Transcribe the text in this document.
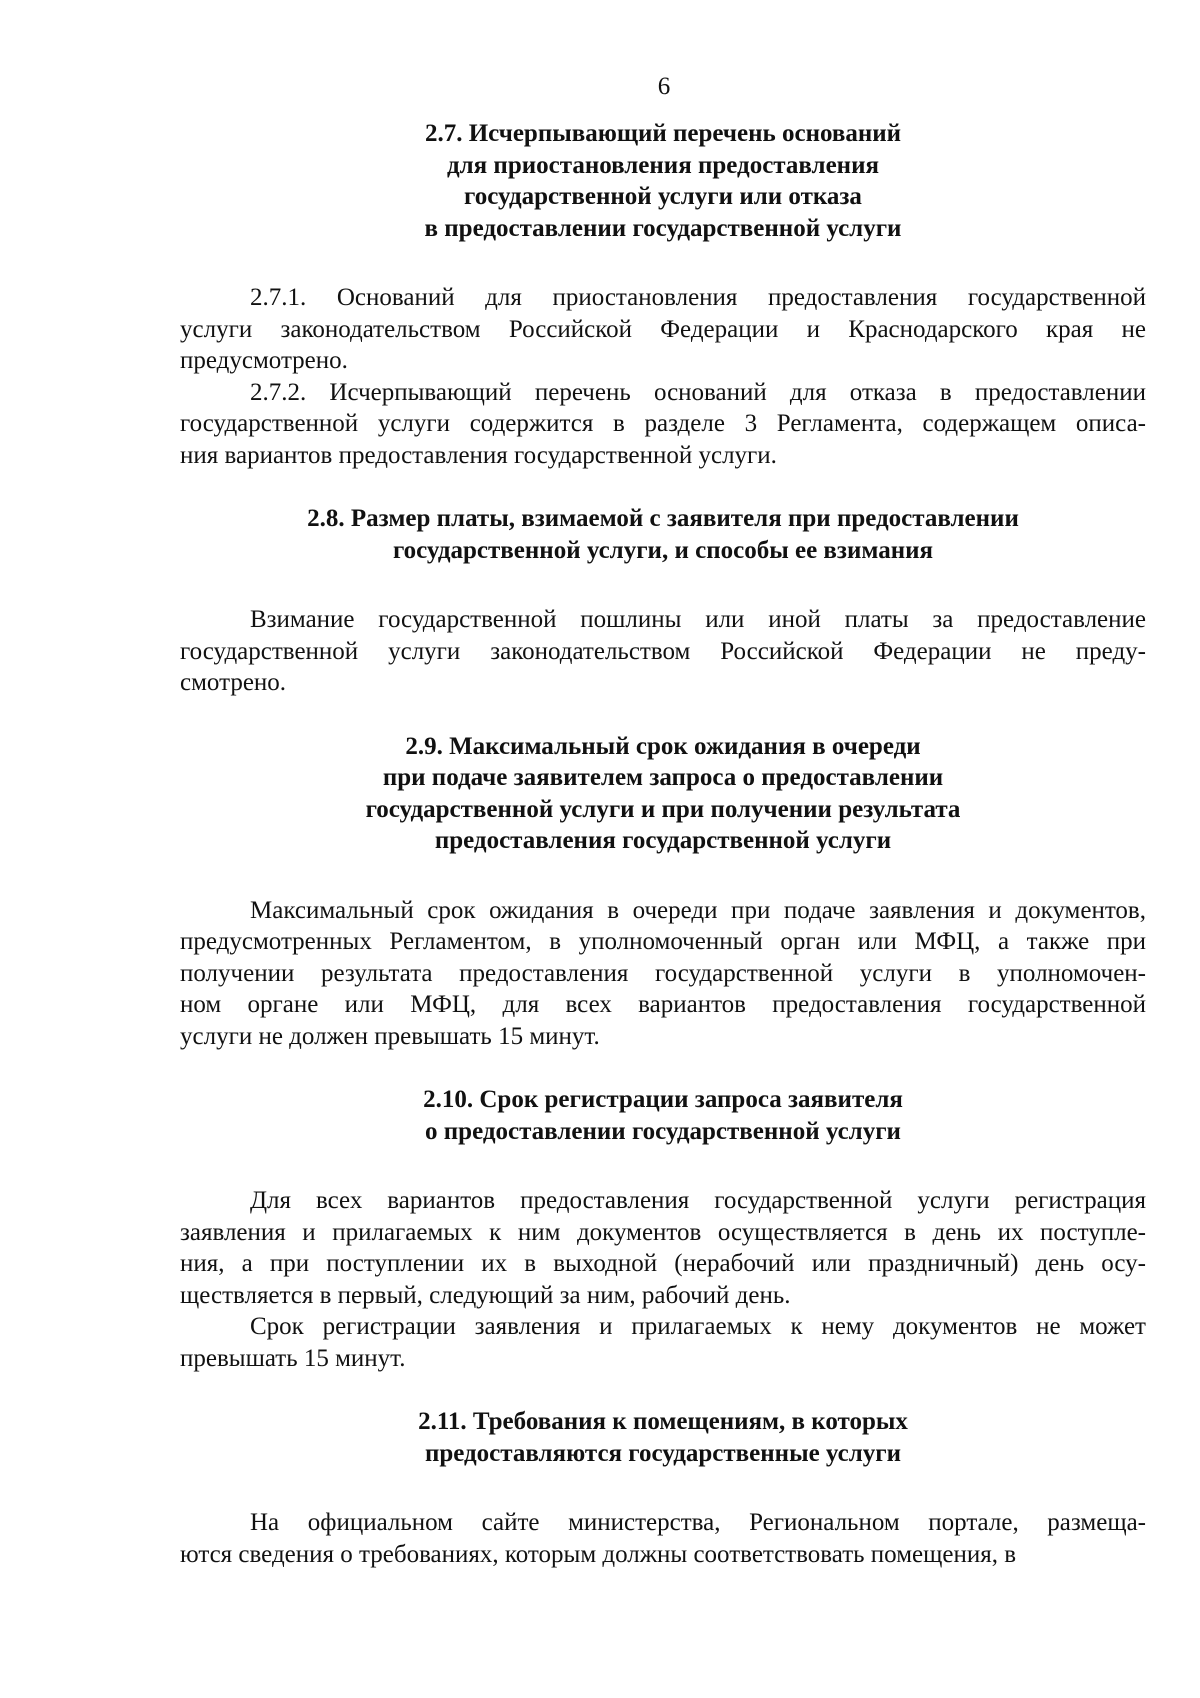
6
2.7. Исчерпывающий перечень оснований
для приостановления предоставления
государственной услуги или отказа
в предоставлении государственной услуги
2.7.1. Оснований для приостановления предоставления государственной
услуги законодательством Российской Федерации и Краснодарского края не
предусмотрено.
2.7.2. Исчерпывающий перечень оснований для отказа в предоставлении
государственной услуги содержится в разделе 3 Регламента, содержащем описа-
ния вариантов предоставления государственной услуги.
2.8. Размер платы, взимаемой с заявителя при предоставлении
государственной услуги, и способы ее взимания
Взимание государственной пошлины или иной платы за предоставление
государственной услуги законодательством Российской Федерации не преду-
смотрено.
2.9. Максимальный срок ожидания в очереди
при подаче заявителем запроса о предоставлении
государственной услуги и при получении результата
предоставления государственной услуги
Максимальный срок ожидания в очереди при подаче заявления и документов,
предусмотренных Регламентом, в уполномоченный орган или МФЦ, а также при
получении результата предоставления государственной услуги в уполномочен-
ном органе или МФЦ, для всех вариантов предоставления государственной
услуги не должен превышать 15 минут.
2.10. Срок регистрации запроса заявителя
о предоставлении государственной услуги
Для всех вариантов предоставления государственной услуги регистрация
заявления и прилагаемых к ним документов осуществляется в день их поступле-
ния, а при поступлении их в выходной (нерабочий или праздничный) день осу-
ществляется в первый, следующий за ним, рабочий день.
Срок регистрации заявления и прилагаемых к нему документов не может
превышать 15 минут.
2.11. Требования к помещениям, в которых
предоставляются государственные услуги
На официальном сайте министерства, Региональном портале, размеща-
ются сведения о требованиях, которым должны соответствовать помещения, в
